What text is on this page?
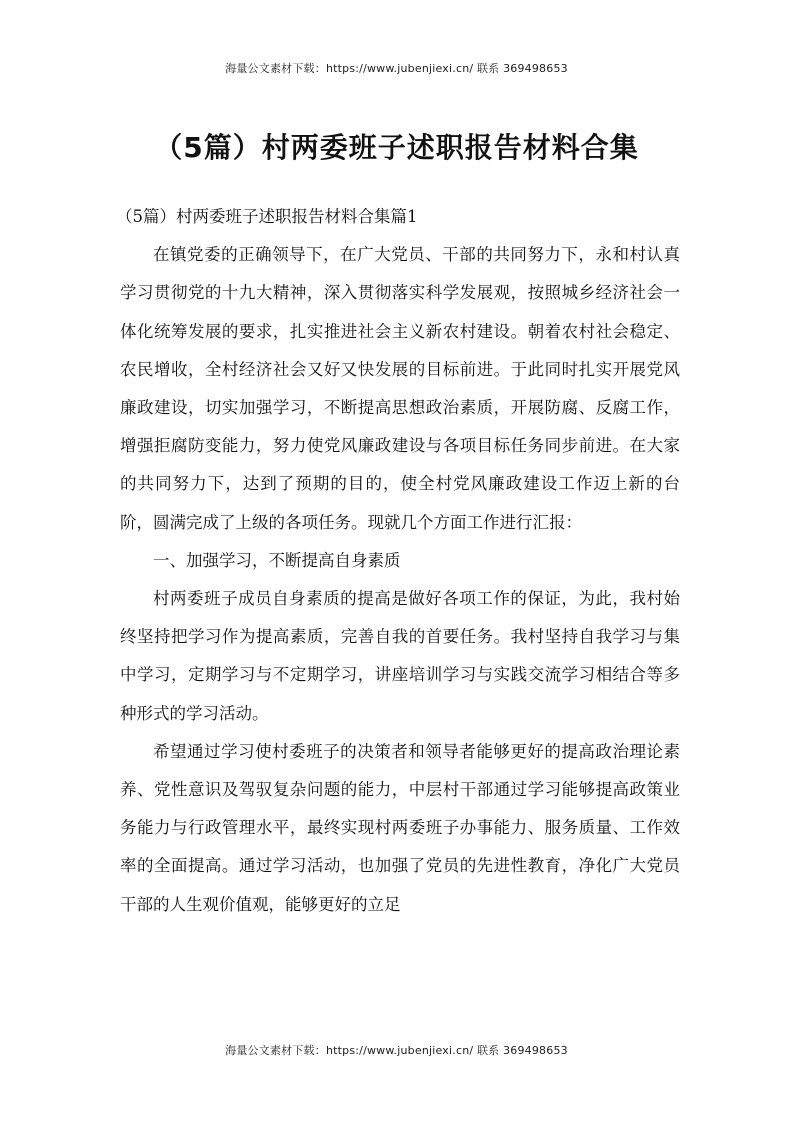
海量公文素材下载：https://www.jubenjiexi.cn/ 联系 369498653
（5篇）村两委班子述职报告材料合集

（5篇）村两委班子述职报告材料合集篇1

在镇党委的正确领导下，在广大党员、干部的共同努力下，永和村认真学习贯彻党的十九大精神，深入贯彻落实科学发展观，按照城乡经济社会一体化统筹发展的要求，扎实推进社会主义新农村建设。朝着农村社会稳定、农民增收，全村经济社会又好又快发展的目标前进。于此同时扎实开展党风廉政建设，切实加强学习，不断提高思想政治素质，开展防腐、反腐工作，增强拒腐防变能力，努力使党风廉政建设与各项目标任务同步前进。在大家的共同努力下，达到了预期的目的，使全村党风廉政建设工作迈上新的台阶，圆满完成了上级的各项任务。现就几个方面工作进行汇报：

一、加强学习，不断提高自身素质

村两委班子成员自身素质的提高是做好各项工作的保证，为此，我村始终坚持把学习作为提高素质，完善自我的首要任务。我村坚持自我学习与集中学习，定期学习与不定期学习，讲座培训学习与实践交流学习相结合等多种形式的学习活动。

希望通过学习使村委班子的决策者和领导者能够更好的提高政治理论素养、党性意识及驾驭复杂问题的能力，中层村干部通过学习能够提高政策业务能力与行政管理水平，最终实现村两委班子办事能力、服务质量、工作效率的全面提高。通过学习活动，也加强了党员的先进性教育，净化广大党员干部的人生观价值观，能够更好的立足

海量公文素材下载：https://www.jubenjiexi.cn/ 联系 369498653
